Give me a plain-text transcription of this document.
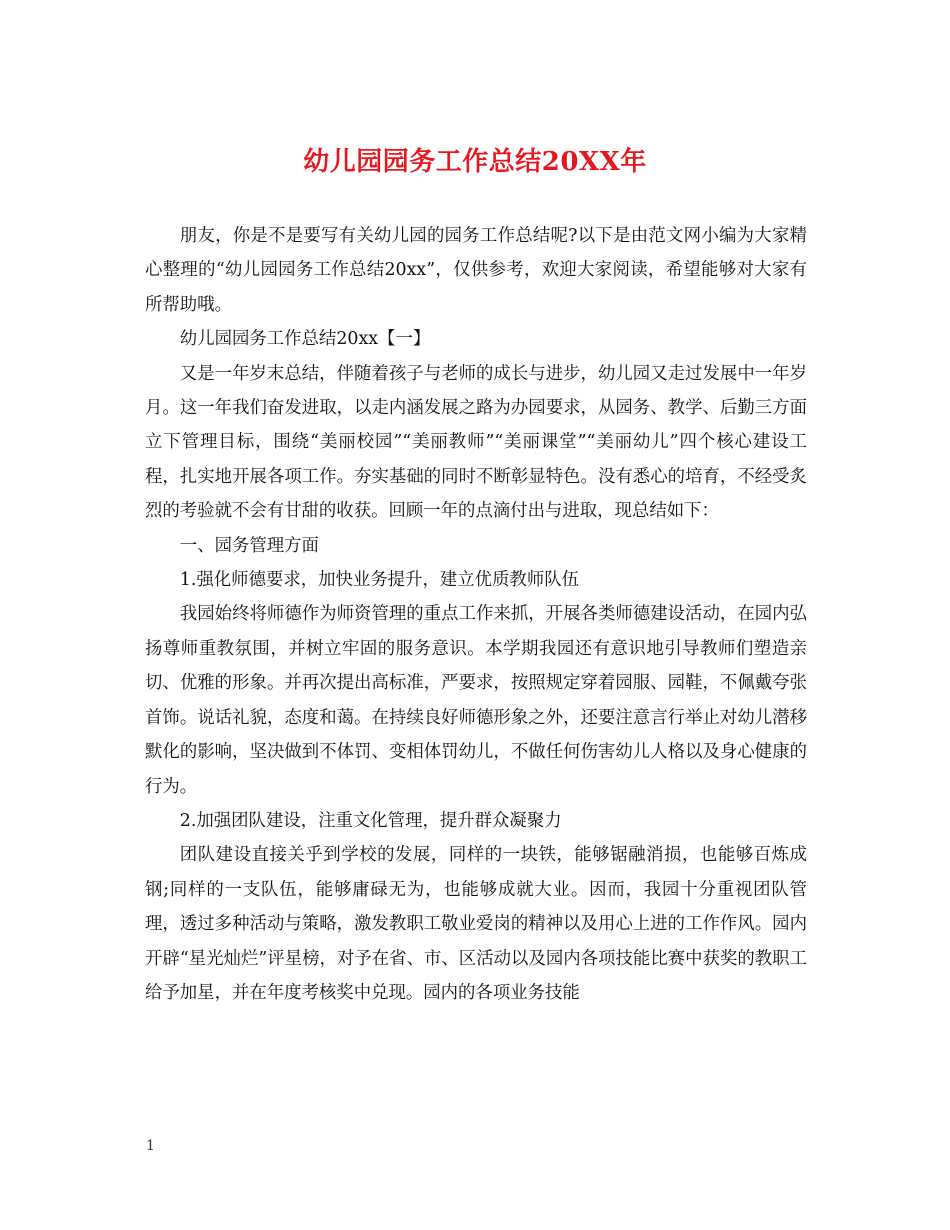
幼儿园园务工作总结20XX年

朋友，你是不是要写有关幼儿园的园务工作总结呢?以下是由范文网小编为大家精心整理的“幼儿园园务工作总结20xx”，仅供参考，欢迎大家阅读，希望能够对大家有所帮助哦。

幼儿园园务工作总结20xx【一】

又是一年岁末总结，伴随着孩子与老师的成长与进步，幼儿园又走过发展中一年岁月。这一年我们奋发进取，以走内涵发展之路为办园要求，从园务、教学、后勤三方面立下管理目标，围绕“美丽校园”“美丽教师”“美丽课堂”“美丽幼儿”四个核心建设工程，扎实地开展各项工作。夯实基础的同时不断彰显特色。没有悉心的培育，不经受炙烈的考验就不会有甘甜的收获。回顾一年的点滴付出与进取，现总结如下：

一、园务管理方面

1.强化师德要求，加快业务提升，建立优质教师队伍

我园始终将师德作为师资管理的重点工作来抓，开展各类师德建设活动，在园内弘扬尊师重教氛围，并树立牢固的服务意识。本学期我园还有意识地引导教师们塑造亲切、优雅的形象。并再次提出高标准，严要求，按照规定穿着园服、园鞋，不佩戴夸张首饰。说话礼貌，态度和蔼。在持续良好师德形象之外，还要注意言行举止对幼儿潜移默化的影响，坚决做到不体罚、变相体罚幼儿，不做任何伤害幼儿人格以及身心健康的行为。

2.加强团队建设，注重文化管理，提升群众凝聚力

团队建设直接关乎到学校的发展，同样的一块铁，能够锯融消损，也能够百炼成钢;同样的一支队伍，能够庸碌无为，也能够成就大业。因而，我园十分重视团队管理，透过多种活动与策略，激发教职工敬业爱岗的精神以及用心上进的工作作风。园内开辟“星光灿烂”评星榜，对予在省、市、区活动以及园内各项技能比赛中获奖的教职工给予加星，并在年度考核奖中兑现。园内的各项业务技能

1
